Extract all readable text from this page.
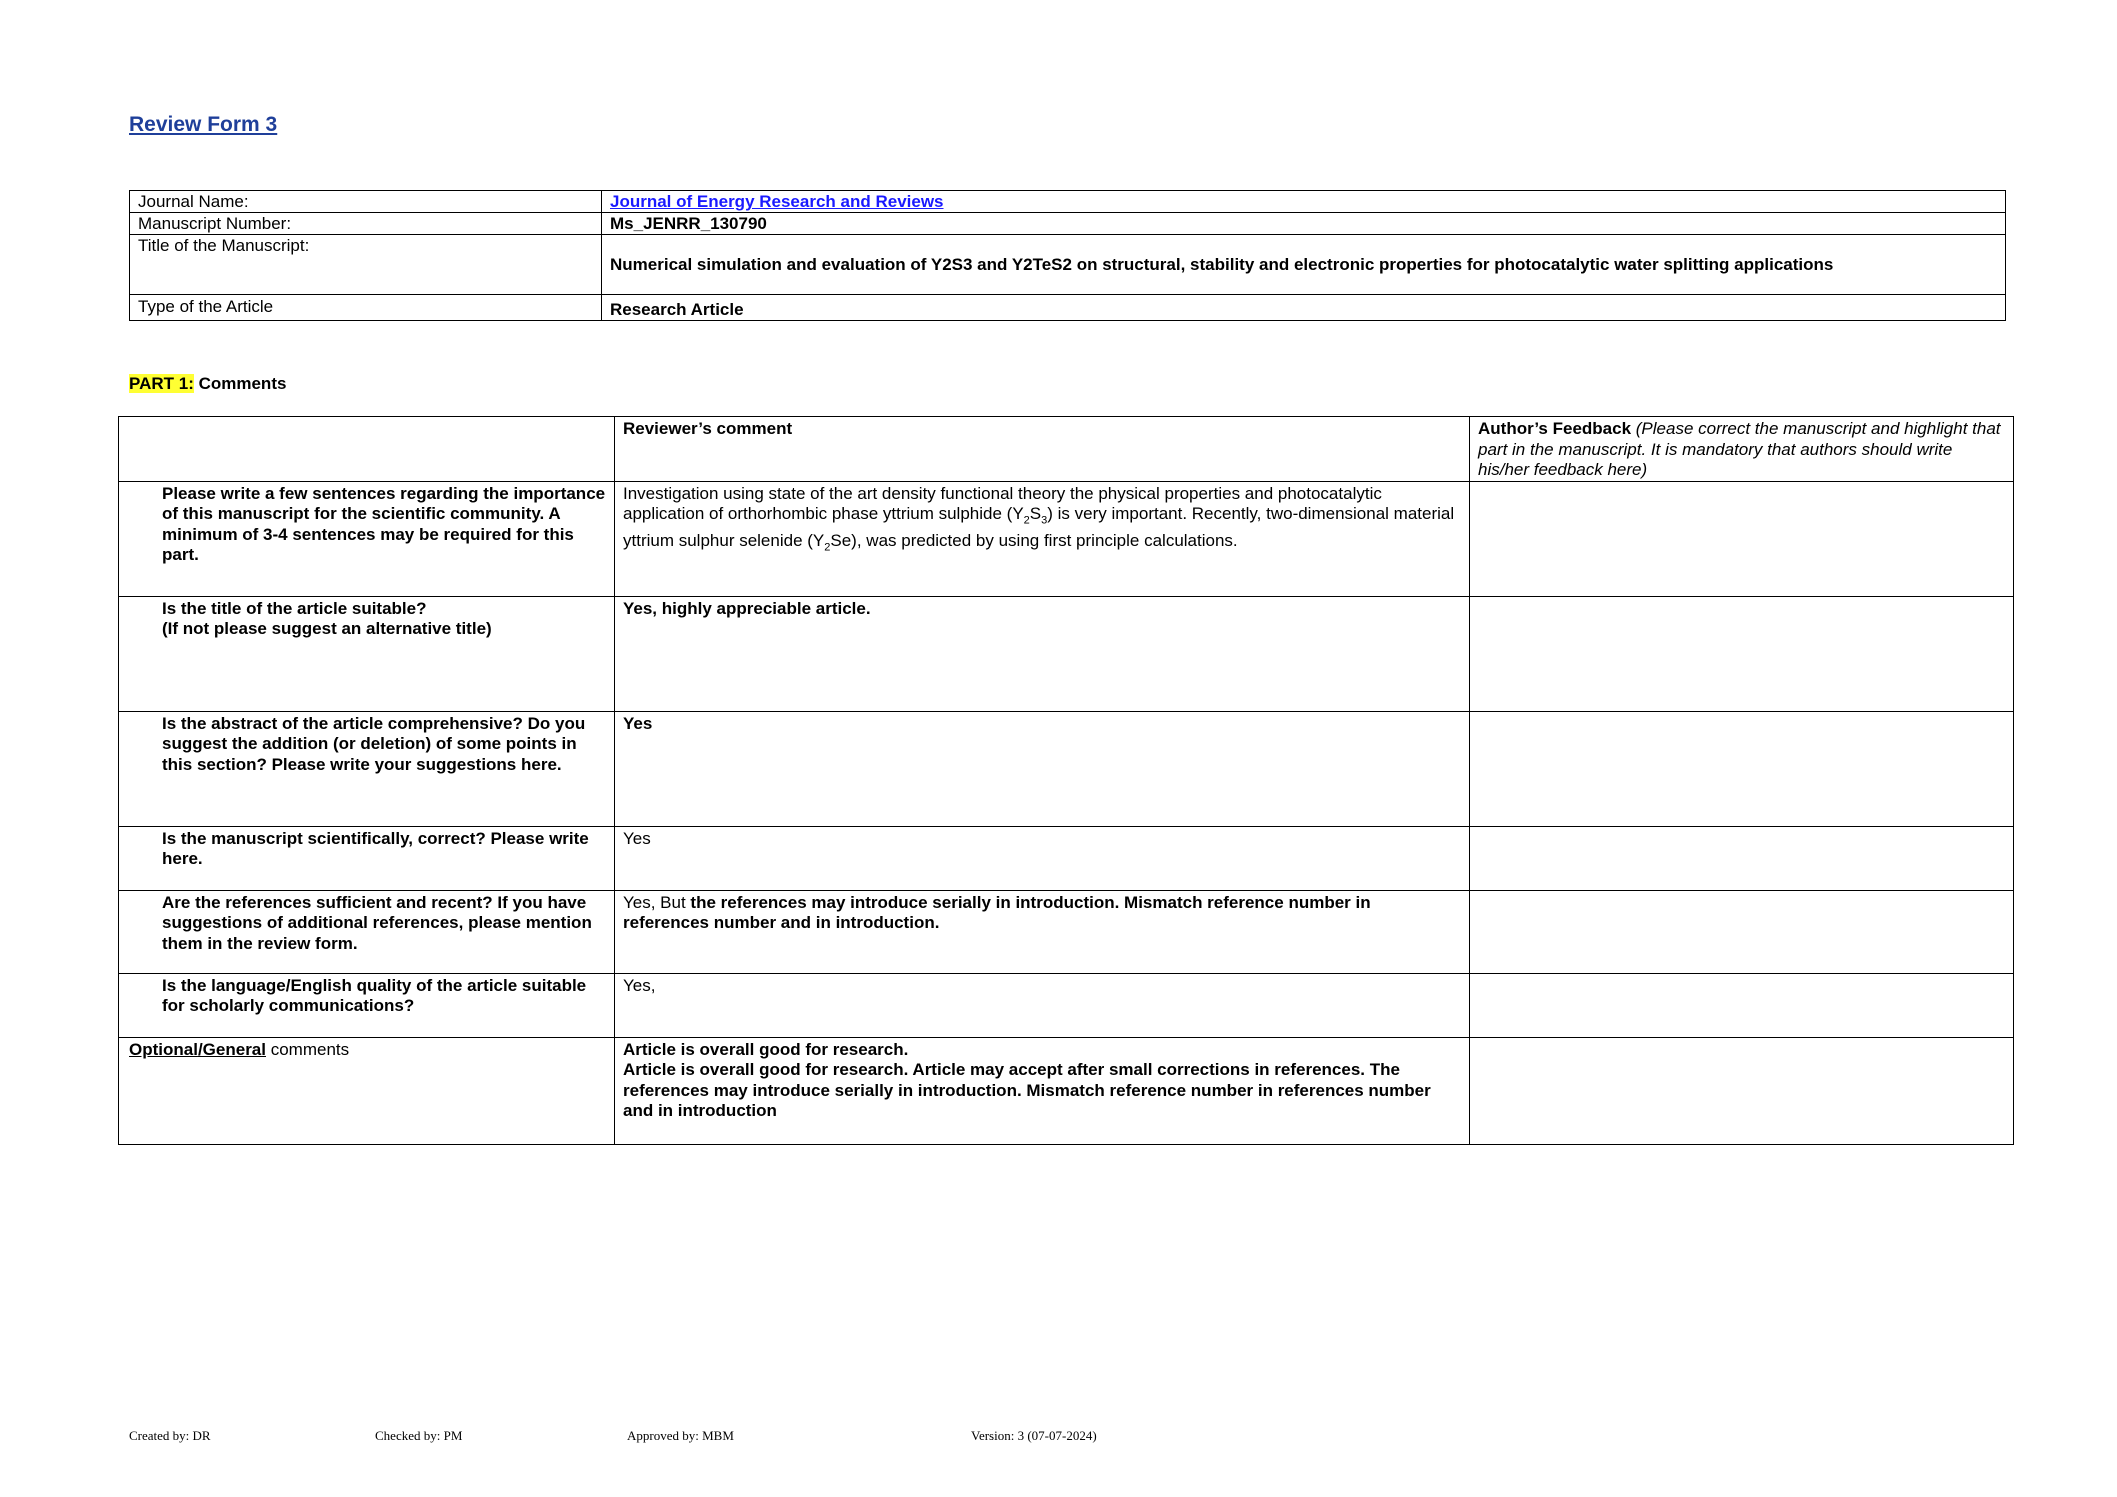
Review Form 3
Journal Name:	Journal of Energy Research and Reviews
Manuscript Number:	Ms_JENRR_130790
Title of the Manuscript:	Numerical simulation and evaluation of Y2S3 and Y2TeS2 on structural, stability and electronic properties for photocatalytic water splitting applications
Type of the Article	Research Article
PART 1: Comments
	Reviewer’s comment	Author’s Feedback (Please correct the manuscript and highlight that part in the manuscript. It is mandatory that authors should write his/her feedback here)
Please write a few sentences regarding the importance of this manuscript for the scientific community. A minimum of 3-4 sentences may be required for this part.	Investigation using state of the art density functional theory the physical properties and photocatalytic application of orthorhombic phase yttrium sulphide $(Y_2S_3)$ is very important. Recently, two-dimensional material yttrium sulphur selenide $(Y_2Se)$, was predicted by using first principle calculations.	
Is the title of the article suitable?
(If not please suggest an alternative title)	Yes, highly appreciable article.	
Is the abstract of the article comprehensive? Do you suggest the addition (or deletion) of some points in this section? Please write your suggestions here.	Yes	
Is the manuscript scientifically, correct? Please write here.	Yes	
Are the references sufficient and recent? If you have suggestions of additional references, please mention them in the review form.	Yes, But the references may introduce serially in introduction. Mismatch reference number in references number and in introduction.	
Is the language/English quality of the article suitable for scholarly communications?	Yes,	
Optional/General comments	Article is overall good for research.
Article is overall good for research. Article may accept after small corrections in references. The references may introduce serially in introduction. Mismatch reference number in references number and in introduction	

Created by: DR	Checked by: PM	Approved by: MBM	Version: 3 (07-07-2024)
